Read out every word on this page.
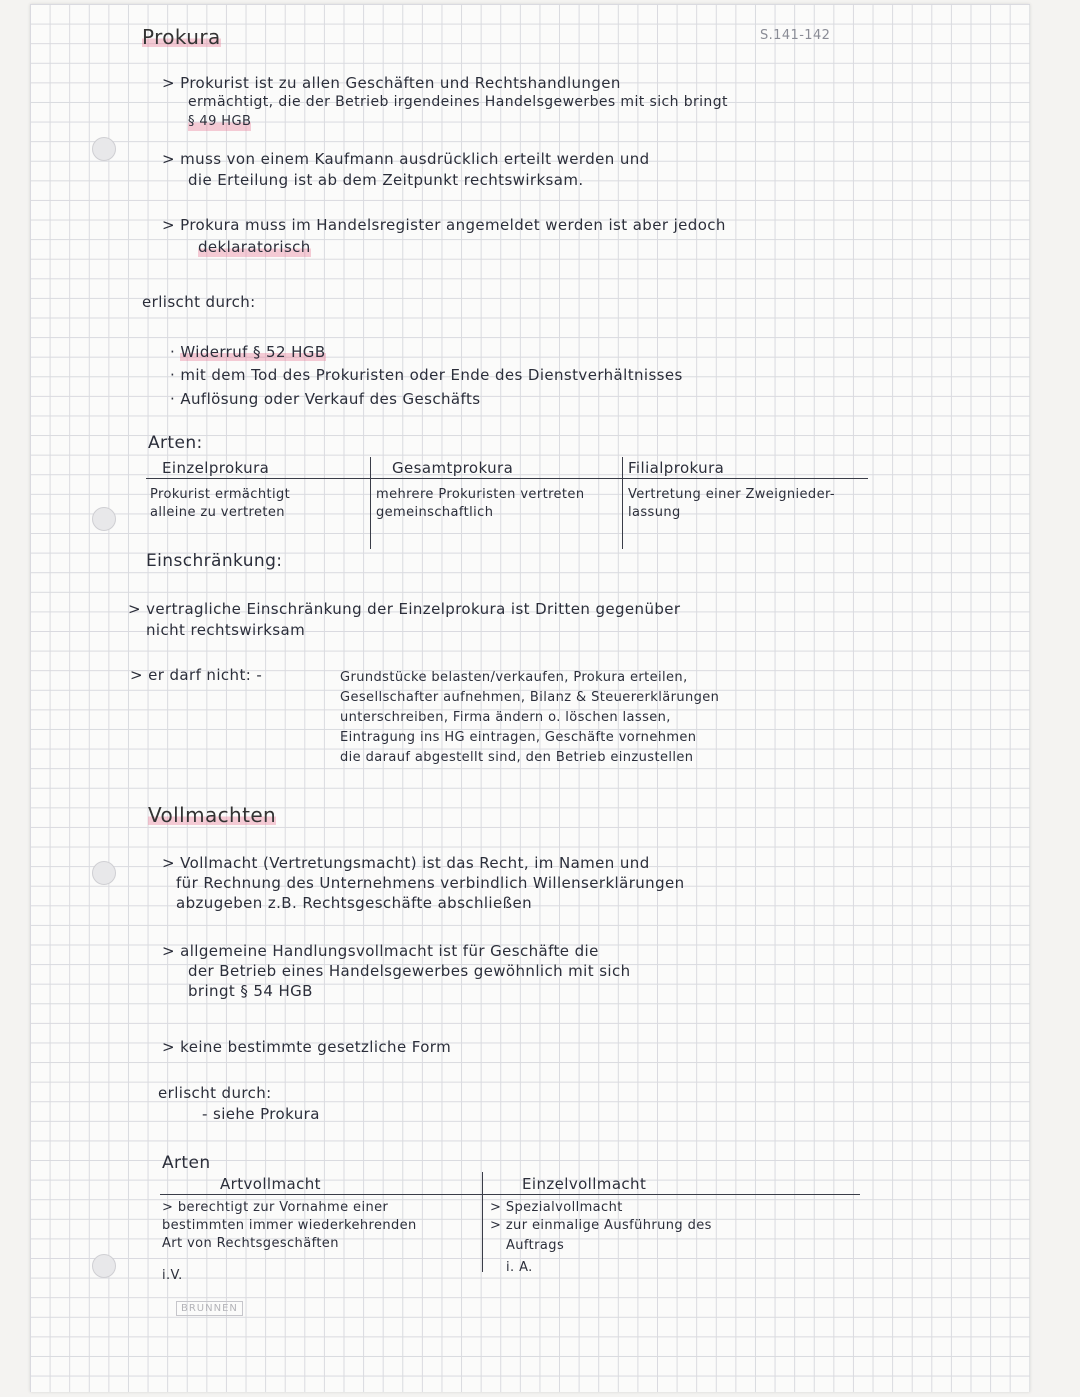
S.141-142
Prokura
> Prokurist ist zu allen Geschäften und Rechtshandlungen
ermächtigt, die der Betrieb irgendeines Handelsgewerbes mit sich bringt
§ 49 HGB
> muss von einem Kaufmann ausdrücklich erteilt werden und
die Erteilung ist ab dem Zeitpunkt rechtswirksam.
> Prokura muss im Handelsregister angemeldet werden ist aber jedoch
deklaratorisch
erlischt durch:
· Widerruf § 52 HGB
· mit dem Tod des Prokuristen oder Ende des Dienstverhältnisses
· Auflösung oder Verkauf des Geschäfts
Arten:
Einzelprokura
Prokurist ermächtigt
alleine zu vertreten
Gesamtprokura
mehrere Prokuristen vertreten
gemeinschaftlich
Filialprokura
Vertretung einer Zweignieder-
lassung
Einschränkung:
> vertragliche Einschränkung der Einzelprokura ist Dritten gegenüber
nicht rechtswirksam
> er darf nicht: -	Grundstücke belasten/verkaufen, Prokura erteilen,
Gesellschafter aufnehmen, Bilanz & Steuererklärungen
unterschreiben, Firma ändern o. löschen lassen,
Eintragung ins HG eintragen, Geschäfte vornehmen
die darauf abgestellt sind, den Betrieb einzustellen
Vollmachten
> Vollmacht (Vertretungsmacht) ist das Recht, im Namen und
für Rechnung des Unternehmens verbindlich Willenserklärungen
abzugeben z.B. Rechtsgeschäfte abschließen
> allgemeine Handlungsvollmacht ist für Geschäfte die
der Betrieb eines Handelsgewerbes gewöhnlich mit sich
bringt § 54 HGB
> keine bestimmte gesetzliche Form
erlischt durch:
- siehe Prokura
Arten
Artvollmacht
> berechtigt zur Vornahme einer
bestimmten immer wiederkehrenden
Art von Rechtsgeschäften
i.V.
Einzelvollmacht
> Spezialvollmacht
> zur einmalige Ausführung des
Auftrags
i. A.
BRUNNEN
